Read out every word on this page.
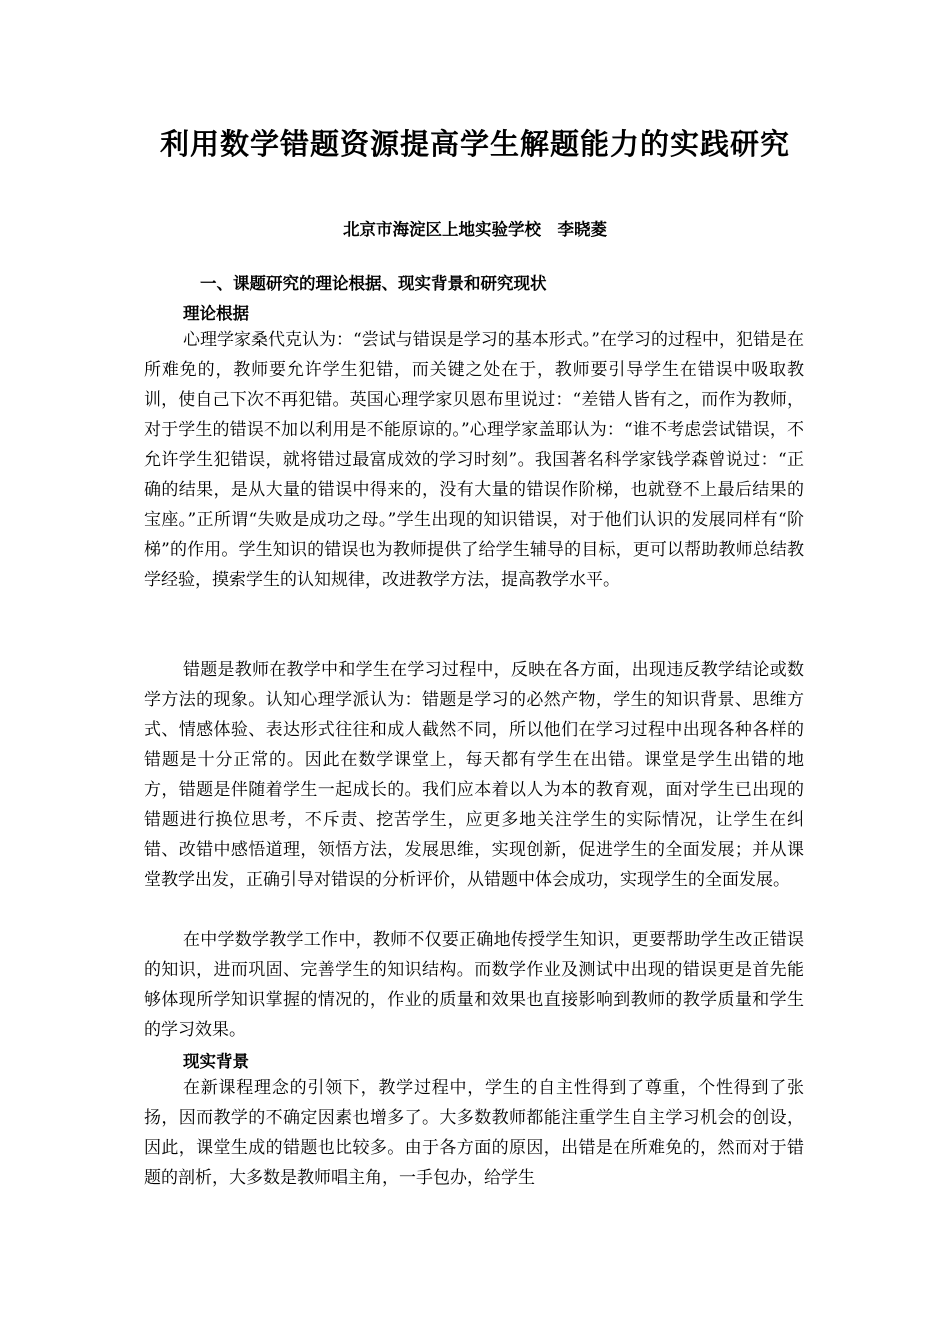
利用数学错题资源提高学生解题能力的实践研究
北京市海淀区上地实验学校　李晓菱
一、课题研究的理论根据、现实背景和研究现状
理论根据

心理学家桑代克认为：“尝试与错误是学习的基本形式。”在学习的过程中，犯错是在所难免的，教师要允许学生犯错，而关键之处在于，教师要引导学生在错误中吸取教训，使自己下次不再犯错。英国心理学家贝恩布里说过：“差错人皆有之，而作为教师，对于学生的错误不加以利用是不能原谅的。”心理学家盖耶认为：“谁不考虑尝试错误，不允许学生犯错误，就将错过最富成效的学习时刻”。我国著名科学家钱学森曾说过：“正确的结果，是从大量的错误中得来的，没有大量的错误作阶梯，也就登不上最后结果的宝座。”正所谓“失败是成功之母。”学生出现的知识错误，对于他们认识的发展同样有“阶梯”的作用。学生知识的错误也为教师提供了给学生辅导的目标，更可以帮助教师总结教学经验，摸索学生的认知规律，改进教学方法，提高教学水平。

错题是教师在教学中和学生在学习过程中，反映在各方面，出现违反教学结论或数学方法的现象。认知心理学派认为：错题是学习的必然产物，学生的知识背景、思维方式、情感体验、表达形式往往和成人截然不同，所以他们在学习过程中出现各种各样的错题是十分正常的。因此在数学课堂上，每天都有学生在出错。课堂是学生出错的地方，错题是伴随着学生一起成长的。我们应本着以人为本的教育观，面对学生已出现的错题进行换位思考，不斥责、挖苦学生，应更多地关注学生的实际情况，让学生在纠错、改错中感悟道理，领悟方法，发展思维，实现创新，促进学生的全面发展；并从课堂教学出发，正确引导对错误的分析评价，从错题中体会成功，实现学生的全面发展。

在中学数学教学工作中，教师不仅要正确地传授学生知识，更要帮助学生改正错误的知识，进而巩固、完善学生的知识结构。而数学作业及测试中出现的错误更是首先能够体现所学知识掌握的情况的，作业的质量和效果也直接影响到教师的教学质量和学生的学习效果。

现实背景

在新课程理念的引领下，教学过程中，学生的自主性得到了尊重，个性得到了张扬，因而教学的不确定因素也增多了。大多数教师都能注重学生自主学习机会的创设，因此，课堂生成的错题也比较多。由于各方面的原因，出错是在所难免的，然而对于错题的剖析，大多数是教师唱主角，一手包办，给学生
